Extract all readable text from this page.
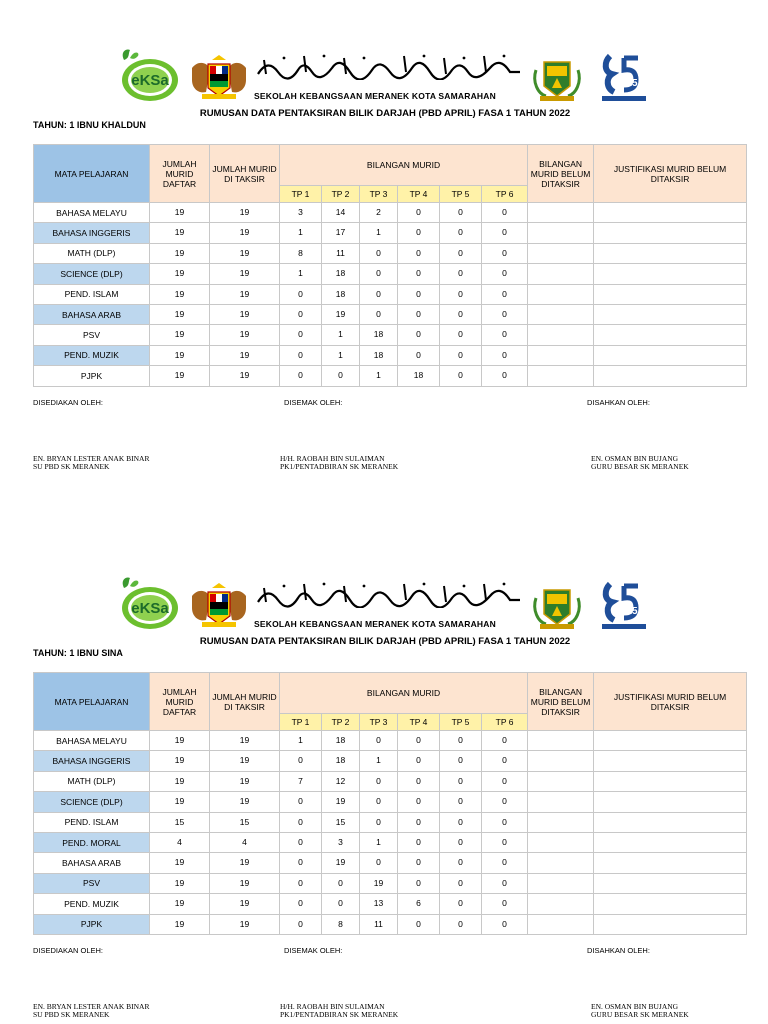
eKSa
SEKOLAH KEBANGSAAN MERANEK KOTA SAMARAHAN
25
RUMUSAN DATA PENTAKSIRAN BILIK DARJAH (PBD APRIL) FASA 1 TAHUN 2022
TAHUN: 1 IBNU KHALDUN
MATA PELAJARAN	JUMLAH MURID DAFTAR	JUMLAH MURID DI TAKSIR	BILANGAN MURID						BILANGAN MURID BELUM DITAKSIR	JUSTIFIKASI MURID BELUM DITAKSIR
			TP 1	TP 2	TP 3	TP 4	TP 5	TP 6		
BAHASA MELAYU	19	19	3	14	2	0	0	0		
BAHASA INGGERIS	19	19	1	17	1	0	0	0		
MATH (DLP)	19	19	8	11	0	0	0	0		
SCIENCE (DLP)	19	19	1	18	0	0	0	0		
PEND. ISLAM	19	19	0	18	0	0	0	0		
BAHASA ARAB	19	19	0	19	0	0	0	0		
PSV	19	19	0	1	18	0	0	0		
PEND. MUZIK	19	19	0	1	18	0	0	0		
PJPK	19	19	0	0	1	18	0	0		
DISEDIAKAN OLEH:	DISEMAK OLEH:	DISAHKAN OLEH:
EN. BRYAN LESTER ANAK BINAR
SU PBD SK MERANEK
H/H. RAOBAH BIN SULAIMAN
PK1/PENTADBIRAN SK MERANEK
EN. OSMAN BIN BUJANG
GURU BESAR SK MERANEK
eKSa
SEKOLAH KEBANGSAAN MERANEK KOTA SAMARAHAN
25
RUMUSAN DATA PENTAKSIRAN BILIK DARJAH (PBD APRIL) FASA 1 TAHUN 2022
TAHUN: 1 IBNU SINA
MATA PELAJARAN	JUMLAH MURID DAFTAR	JUMLAH MURID DI TAKSIR	BILANGAN MURID						BILANGAN MURID BELUM DITAKSIR	JUSTIFIKASI MURID BELUM DITAKSIR
			TP 1	TP 2	TP 3	TP 4	TP 5	TP 6		
BAHASA MELAYU	19	19	1	18	0	0	0	0		
BAHASA INGGERIS	19	19	0	18	1	0	0	0		
MATH (DLP)	19	19	7	12	0	0	0	0		
SCIENCE (DLP)	19	19	0	19	0	0	0	0		
PEND. ISLAM	15	15	0	15	0	0	0	0		
PEND. MORAL	4	4	0	3	1	0	0	0		
BAHASA ARAB	19	19	0	19	0	0	0	0		
PSV	19	19	0	0	19	0	0	0		
PEND. MUZIK	19	19	0	0	13	6	0	0		
PJPK	19	19	0	8	11	0	0	0		
DISEDIAKAN OLEH:	DISEMAK OLEH:	DISAHKAN OLEH:
EN. BRYAN LESTER ANAK BINAR
SU PBD SK MERANEK
H/H. RAOBAH BIN SULAIMAN
PK1/PENTADBIRAN SK MERANEK
EN. OSMAN BIN BUJANG
GURU BESAR SK MERANEK
